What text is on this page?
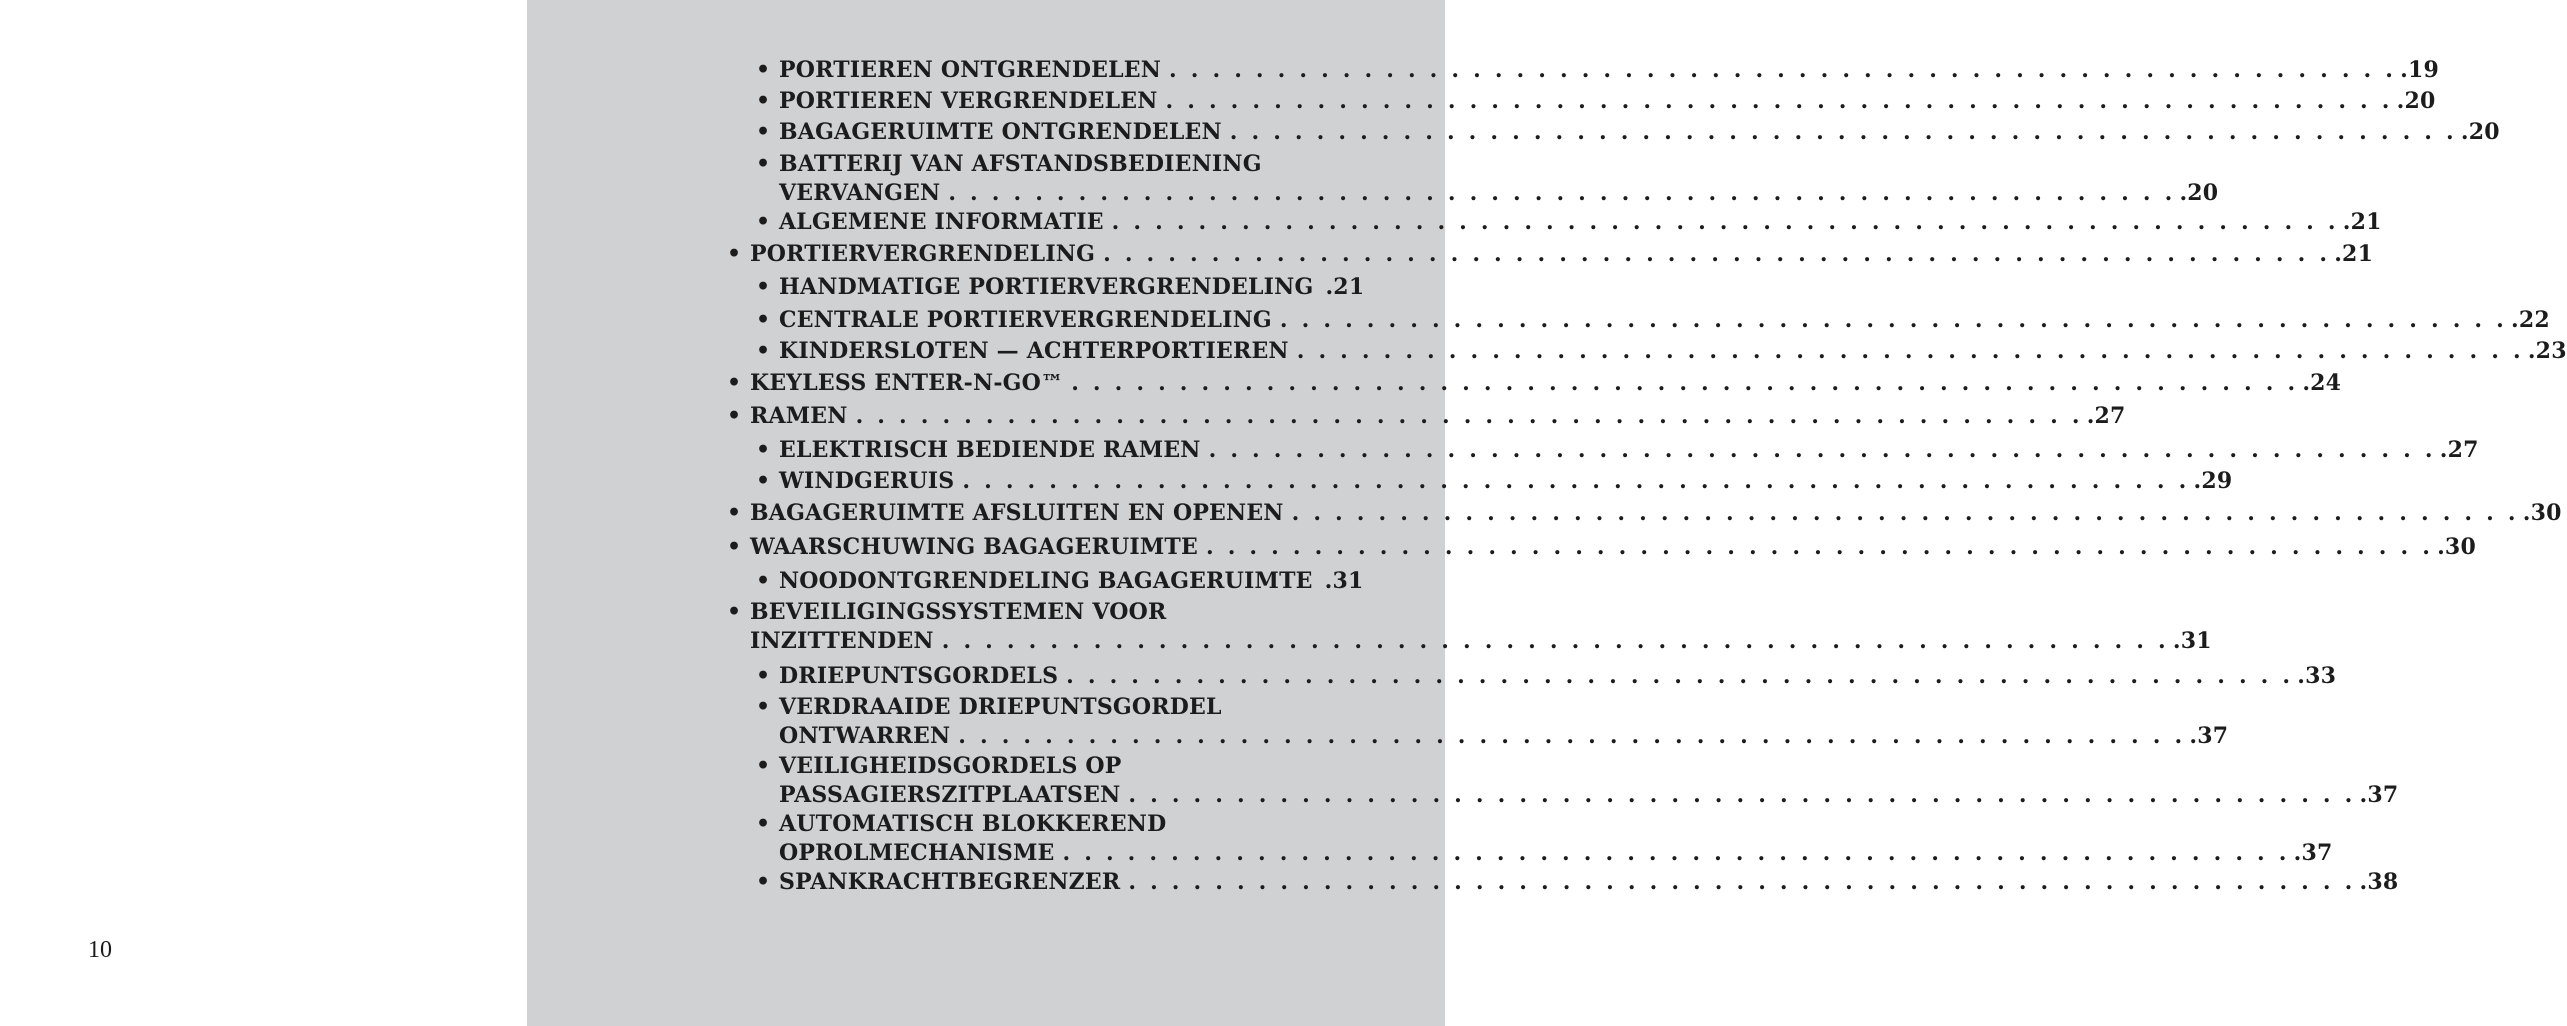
10
• PORTIEREN ONTGRENDELEN . . . . . . . . . . . . . . . . . . . . . . . . . . . . . . . . . . . . . . . . . . . . . . . . . . . . . . . . . .19
• PORTIEREN VERGRENDELEN . . . . . . . . . . . . . . . . . . . . . . . . . . . . . . . . . . . . . . . . . . . . . . . . . . . . . . . . . .20
• BAGAGERUIMTE ONTGRENDELEN . . . . . . . . . . . . . . . . . . . . . . . . . . . . . . . . . . . . . . . . . . . . . . . . . . . . . . . . . .20
• BATTERIJ VAN AFSTANDSBEDIENING
VERVANGEN . . . . . . . . . . . . . . . . . . . . . . . . . . . . . . . . . . . . . . . . . . . . . . . . . . . . . . . . . .20
• ALGEMENE INFORMATIE . . . . . . . . . . . . . . . . . . . . . . . . . . . . . . . . . . . . . . . . . . . . . . . . . . . . . . . . . .21
• PORTIERVERGRENDELING . . . . . . . . . . . . . . . . . . . . . . . . . . . . . . . . . . . . . . . . . . . . . . . . . . . . . . . . . .21
• HANDMATIGE PORTIERVERGRENDELING .21
• CENTRALE PORTIERVERGRENDELING . . . . . . . . . . . . . . . . . . . . . . . . . . . . . . . . . . . . . . . . . . . . . . . . . . . . . . . . . .22
• KINDERSLOTEN — ACHTERPORTIEREN . . . . . . . . . . . . . . . . . . . . . . . . . . . . . . . . . . . . . . . . . . . . . . . . . . . . . . . . . .23
• KEYLESS ENTER-N-GO™ . . . . . . . . . . . . . . . . . . . . . . . . . . . . . . . . . . . . . . . . . . . . . . . . . . . . . . . . . .24
• RAMEN . . . . . . . . . . . . . . . . . . . . . . . . . . . . . . . . . . . . . . . . . . . . . . . . . . . . . . . . . .27
• ELEKTRISCH BEDIENDE RAMEN . . . . . . . . . . . . . . . . . . . . . . . . . . . . . . . . . . . . . . . . . . . . . . . . . . . . . . . . . .27
• WINDGERUIS . . . . . . . . . . . . . . . . . . . . . . . . . . . . . . . . . . . . . . . . . . . . . . . . . . . . . . . . . .29
• BAGAGERUIMTE AFSLUITEN EN OPENEN . . . . . . . . . . . . . . . . . . . . . . . . . . . . . . . . . . . . . . . . . . . . . . . . . . . . . . . . . .30
• WAARSCHUWING BAGAGERUIMTE . . . . . . . . . . . . . . . . . . . . . . . . . . . . . . . . . . . . . . . . . . . . . . . . . . . . . . . . . .30
• NOODONTGRENDELING BAGAGERUIMTE .31
• BEVEILIGINGSSYSTEMEN VOOR
INZITTENDEN . . . . . . . . . . . . . . . . . . . . . . . . . . . . . . . . . . . . . . . . . . . . . . . . . . . . . . . . . .31
• DRIEPUNTSGORDELS . . . . . . . . . . . . . . . . . . . . . . . . . . . . . . . . . . . . . . . . . . . . . . . . . . . . . . . . . .33
• VERDRAAIDE DRIEPUNTSGORDEL
ONTWARREN . . . . . . . . . . . . . . . . . . . . . . . . . . . . . . . . . . . . . . . . . . . . . . . . . . . . . . . . . .37
• VEILIGHEIDSGORDELS OP
PASSAGIERSZITPLAATSEN . . . . . . . . . . . . . . . . . . . . . . . . . . . . . . . . . . . . . . . . . . . . . . . . . . . . . . . . . .37
• AUTOMATISCH BLOKKEREND
OPROLMECHANISME . . . . . . . . . . . . . . . . . . . . . . . . . . . . . . . . . . . . . . . . . . . . . . . . . . . . . . . . . .37
• SPANKRACHTBEGRENZER . . . . . . . . . . . . . . . . . . . . . . . . . . . . . . . . . . . . . . . . . . . . . . . . . . . . . . . . . .38
